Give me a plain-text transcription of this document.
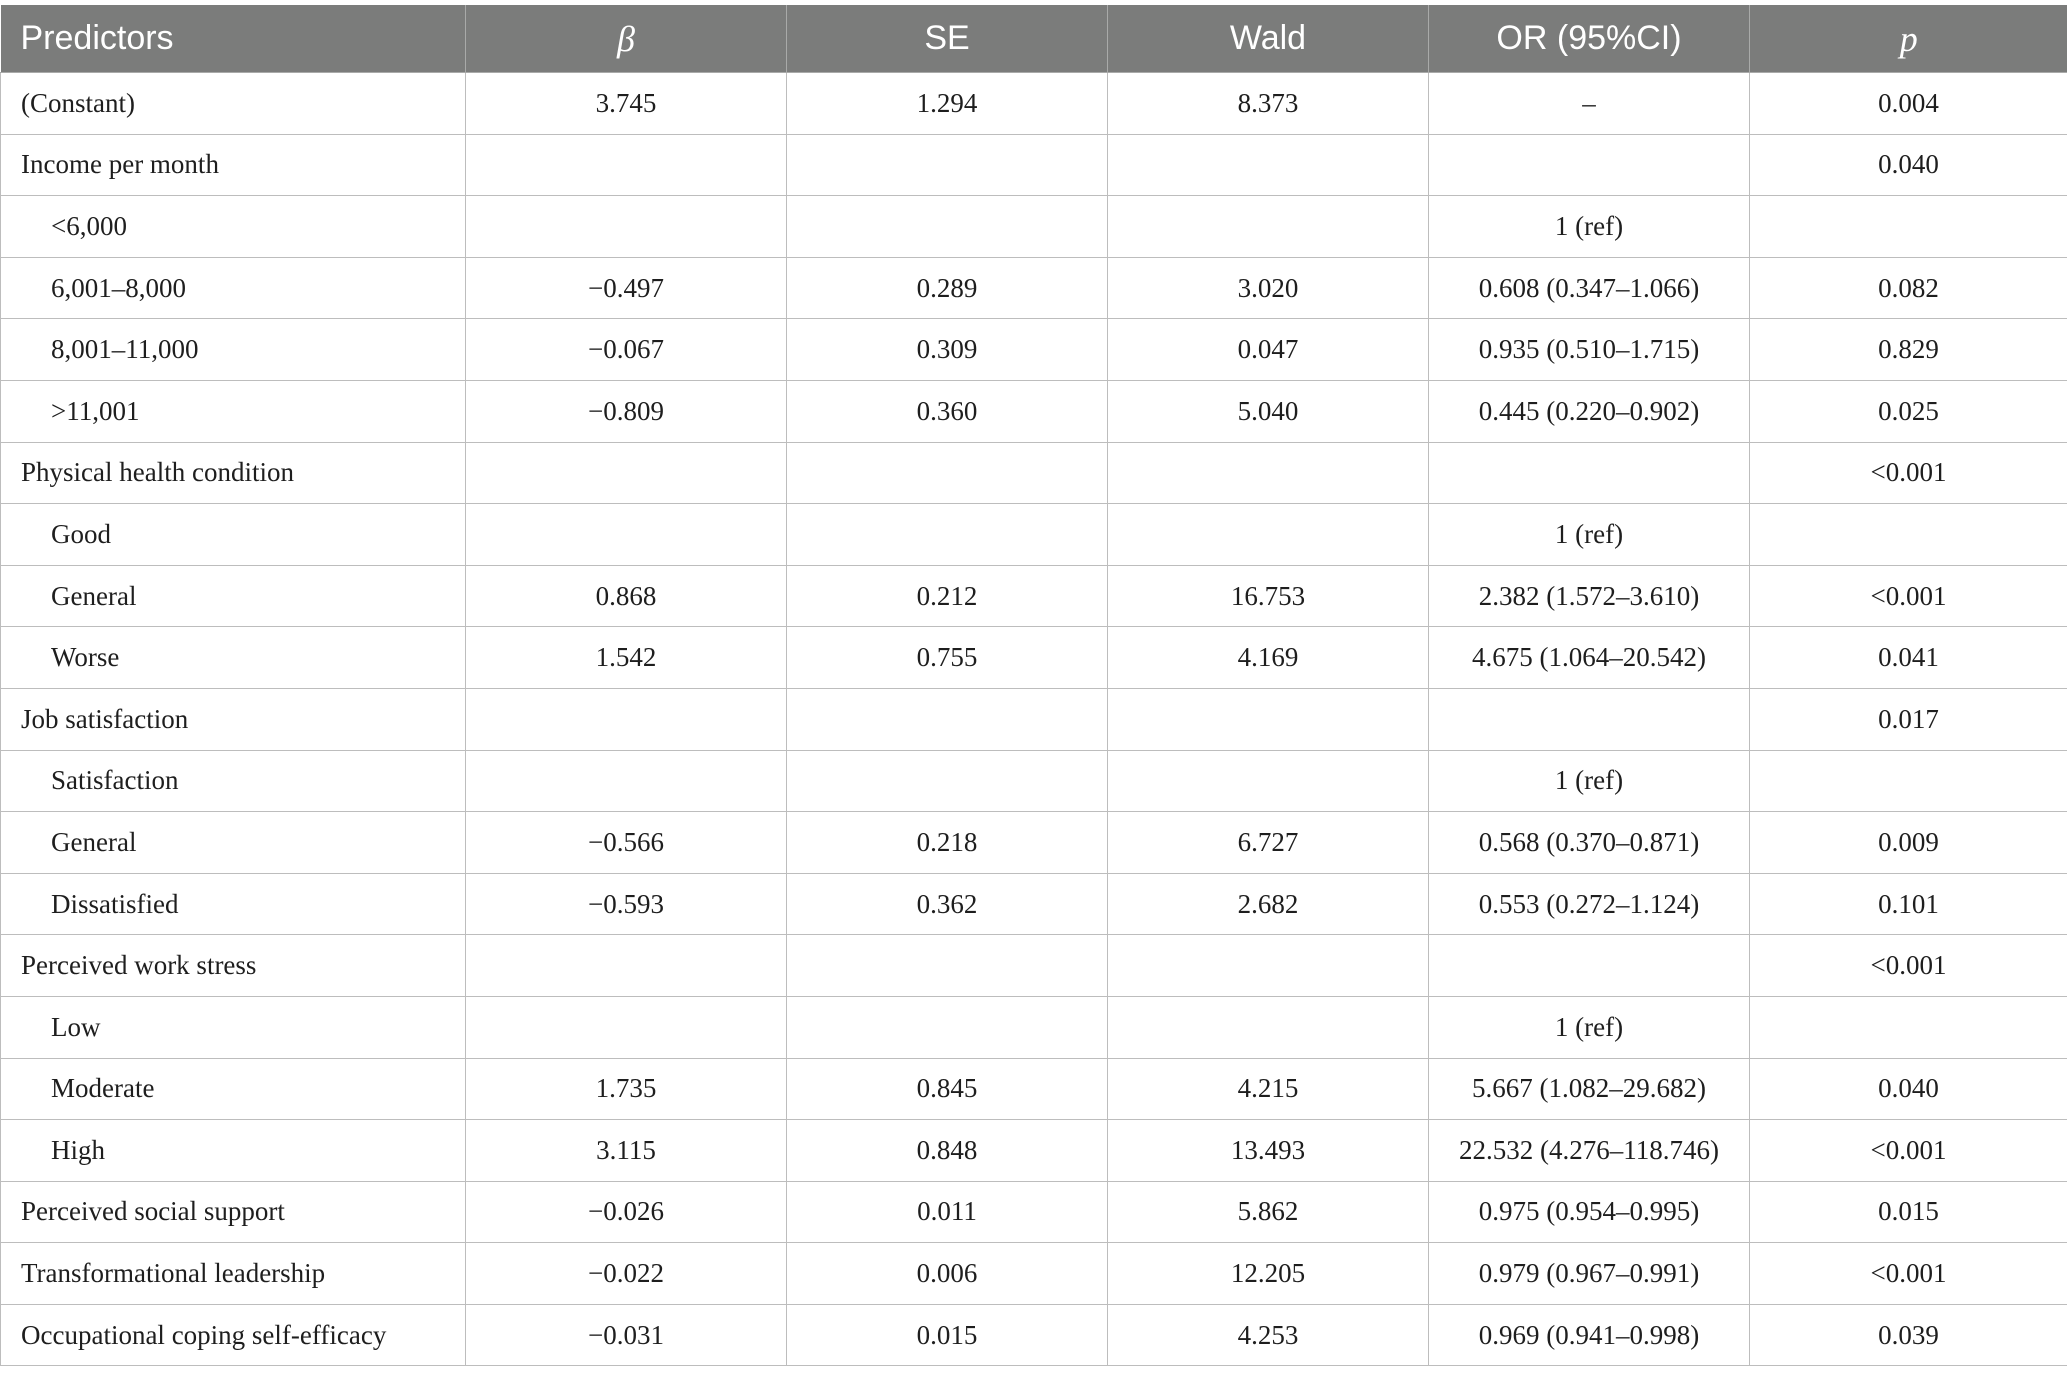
Predictors	β	SE	Wald	OR (95%CI)	p
(Constant)	3.745	1.294	8.373	–	0.004
Income per month					0.040
<6,000				1 (ref)	
6,001–8,000	−0.497	0.289	3.020	0.608 (0.347–1.066)	0.082
8,001–11,000	−0.067	0.309	0.047	0.935 (0.510–1.715)	0.829
>11,001	−0.809	0.360	5.040	0.445 (0.220–0.902)	0.025
Physical health condition					<0.001
Good				1 (ref)	
General	0.868	0.212	16.753	2.382 (1.572–3.610)	<0.001
Worse	1.542	0.755	4.169	4.675 (1.064–20.542)	0.041
Job satisfaction					0.017
Satisfaction				1 (ref)	
General	−0.566	0.218	6.727	0.568 (0.370–0.871)	0.009
Dissatisfied	−0.593	0.362	2.682	0.553 (0.272–1.124)	0.101
Perceived work stress					<0.001
Low				1 (ref)	
Moderate	1.735	0.845	4.215	5.667 (1.082–29.682)	0.040
High	3.115	0.848	13.493	22.532 (4.276–118.746)	<0.001
Perceived social support	−0.026	0.011	5.862	0.975 (0.954–0.995)	0.015
Transformational leadership	−0.022	0.006	12.205	0.979 (0.967–0.991)	<0.001
Occupational coping self-efficacy	−0.031	0.015	4.253	0.969 (0.941–0.998)	0.039
